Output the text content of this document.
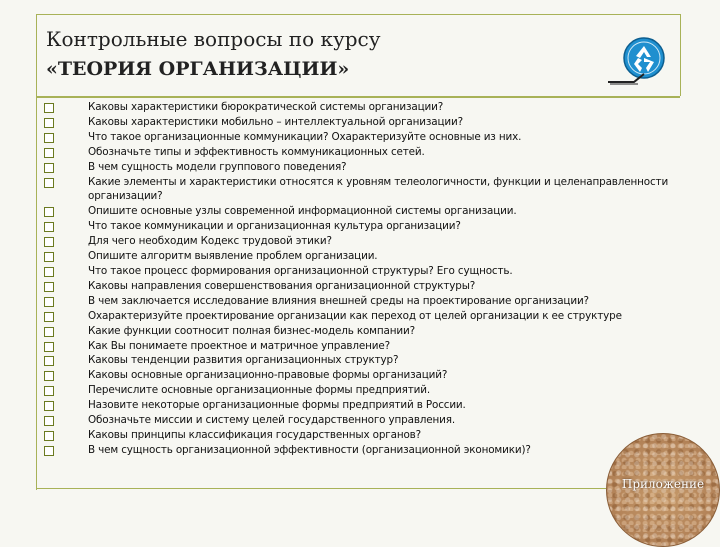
Контрольные вопросы по курсу
«ТЕОРИЯ ОРГАНИЗАЦИИ»
Каковы характеристики бюрократической системы организации?
Каковы характеристики мобильно – интеллектуальной организации?
Что такое организационные коммуникации? Охарактеризуйте основные из них.
Обозначьте типы и эффективность коммуникационных сетей.
В чем сущность модели группового поведения?
Какие элементы и характеристики относятся к уровням телеологичности, функции и целенаправленности организации?
Опишите основные узлы современной информационной системы организации.
Что такое коммуникации и организационная культура организации?
Для чего необходим Кодекс трудовой этики?
Опишите алгоритм выявление проблем организации.
Что такое процесс формирования организационной структуры? Его сущность.
Каковы направления совершенствования организационной структуры?
В чем заключается исследование влияния внешней среды на проектирование организации?
Охарактеризуйте проектирование организации как переход от целей организации к ее структуре
Какие функции соотносит полная бизнес-модель компании?
Как Вы понимаете проектное и матричное управление?
Каковы тенденции развития организационных структур?
Каковы основные организационно-правовые формы организаций?
Перечислите основные организационные формы предприятий.
Назовите некоторые организационные формы предприятий в России.
Обозначьте миссии и систему целей государственного управления.
Каковы принципы классификация государственных органов?
В чем сущность организационной эффективности (организационной экономики)?
Приложение
